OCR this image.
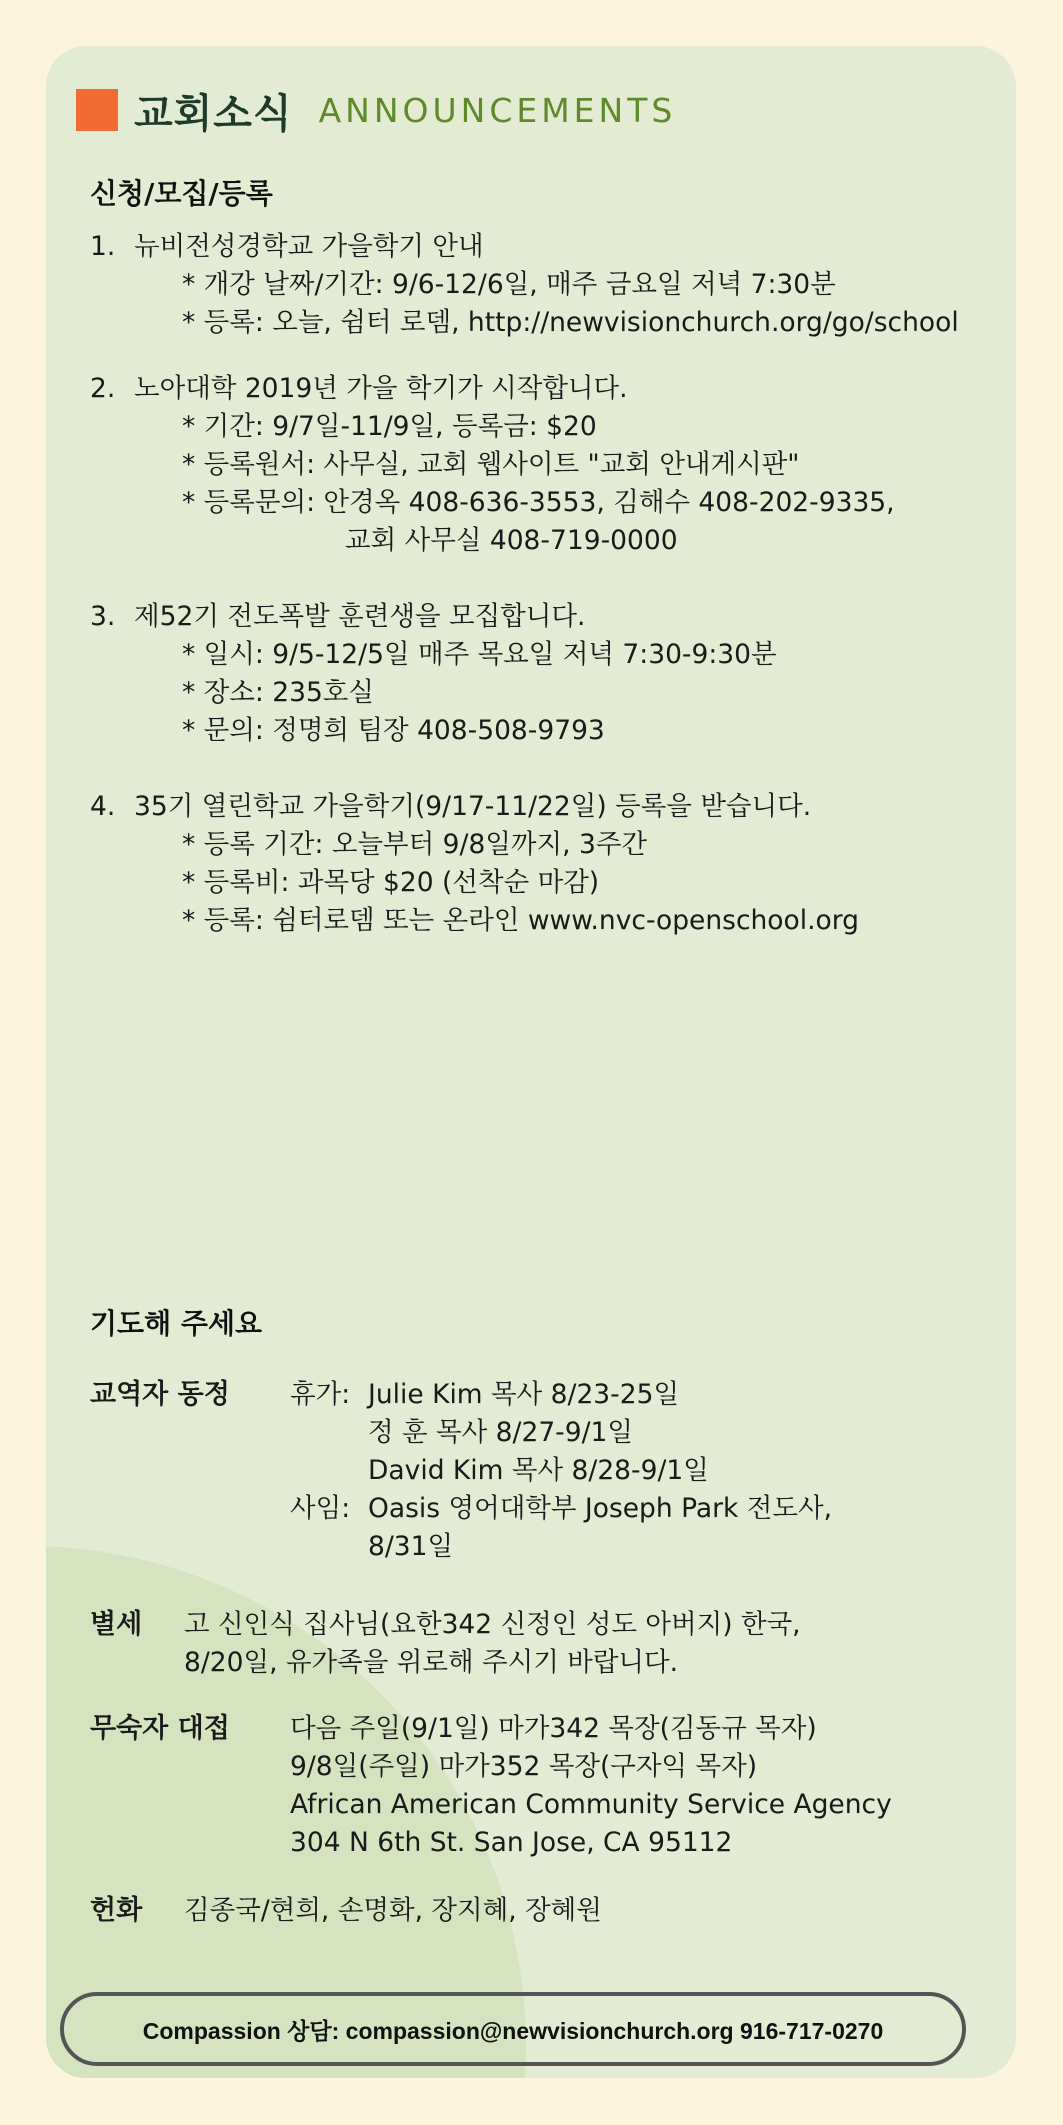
교회소식 ANNOUNCEMENTS
신청/모집/등록
1. 뉴비전성경학교 가을학기 안내
* 개강 날짜/기간: 9/6-12/6일, 매주 금요일 저녁 7:30분
* 등록: 오늘, 쉼터 로뎀, http://newvisionchurch.org/go/school
2. 노아대학 2019년 가을 학기가 시작합니다.
* 기간: 9/7일-11/9일, 등록금: $20
* 등록원서: 사무실, 교회 웹사이트 "교회 안내게시판"
* 등록문의: 안경옥 408-636-3553, 김해수 408-202-9335,
교회 사무실 408-719-0000
3. 제52기 전도폭발 훈련생을 모집합니다.
* 일시: 9/5-12/5일 매주 목요일 저녁 7:30-9:30분
* 장소: 235호실
* 문의: 정명희 팀장 408-508-9793
4. 35기 열린학교 가을학기(9/17-11/22일) 등록을 받습니다.
* 등록 기간: 오늘부터 9/8일까지, 3주간
* 등록비: 과목당 $20 (선착순 마감)
* 등록: 쉼터로뎀 또는 온라인 www.nvc-openschool.org
기도해 주세요
교역자 동정 휴가: Julie Kim 목사 8/23-25일
정 훈 목사 8/27-9/1일
David Kim 목사 8/28-9/1일
사임: Oasis 영어대학부 Joseph Park 전도사,
8/31일
별세 고 신인식 집사님(요한342 신정인 성도 아버지) 한국,
8/20일, 유가족을 위로해 주시기 바랍니다.
무숙자 대접 다음 주일(9/1일) 마가342 목장(김동규 목자)
9/8일(주일) 마가352 목장(구자익 목자)
African American Community Service Agency
304 N 6th St. San Jose, CA 95112
헌화 김종국/현희, 손명화, 장지혜, 장혜원
Compassion 상담: compassion@newvisionchurch.org 916-717-0270
